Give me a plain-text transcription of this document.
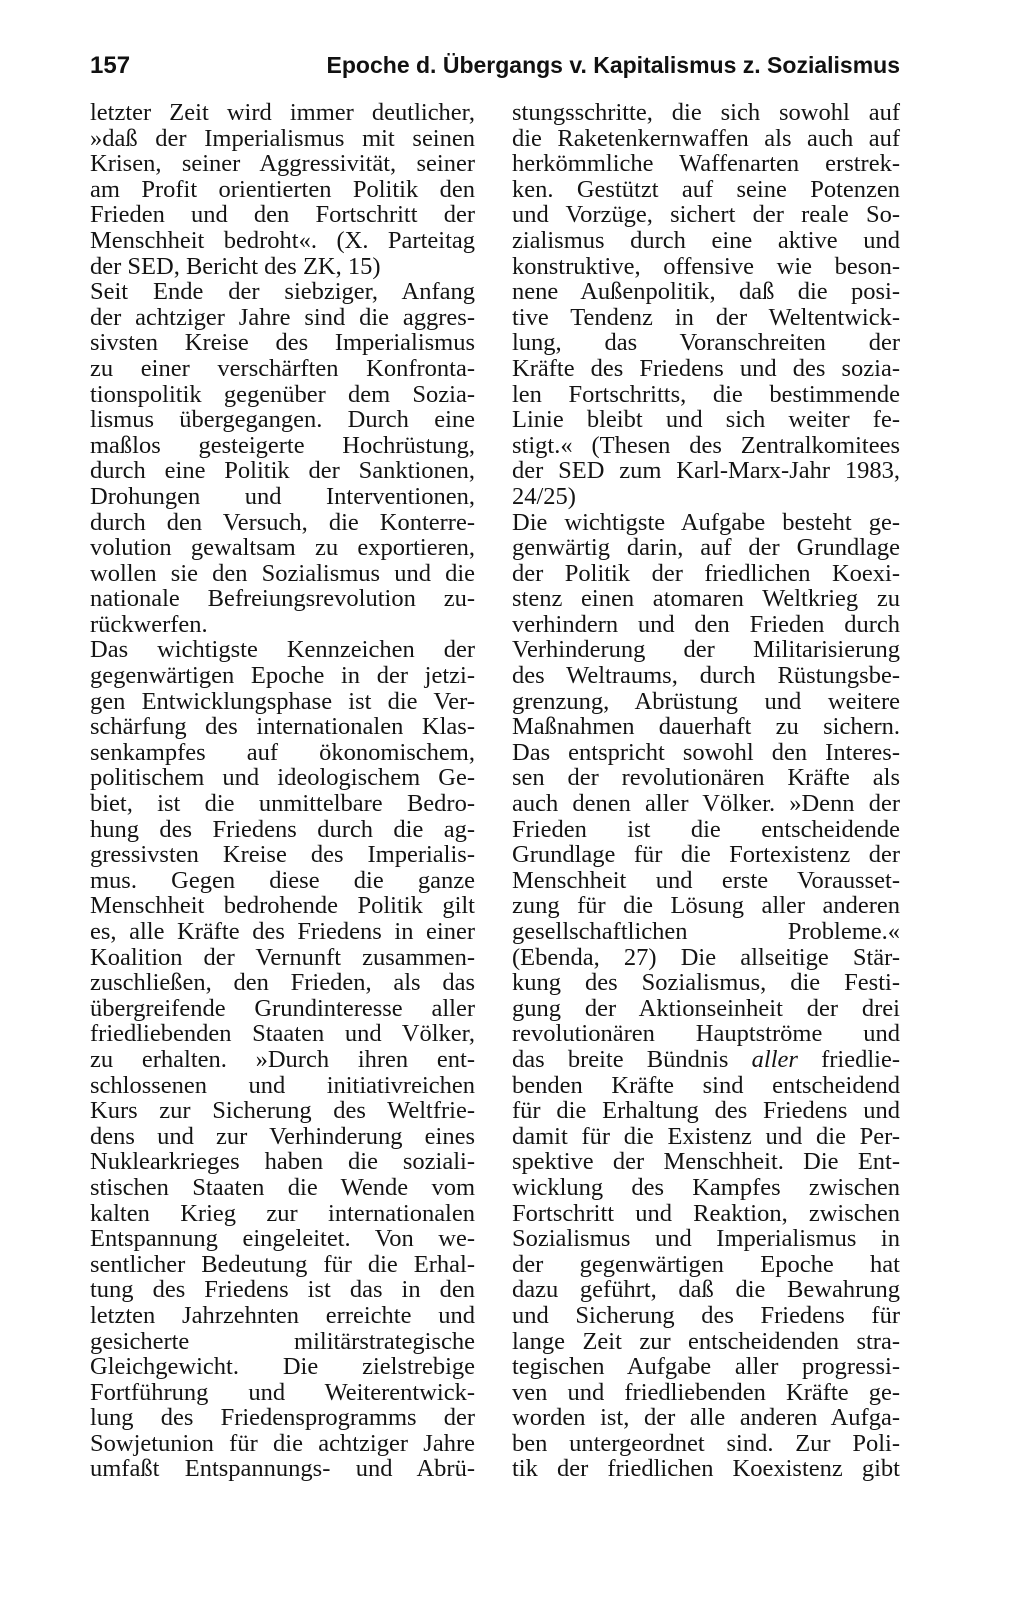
157	Epoche d. Übergangs v. Kapitalismus z. Sozialismus
letzter Zeit wird immer deutlicher,
»daß der Imperialismus mit seinen
Krisen, seiner Aggressivität, seiner
am Profit orientierten Politik den
Frieden und den Fortschritt der
Menschheit bedroht«. (X. Parteitag
der SED, Bericht des ZK, 15)
Seit Ende der siebziger, Anfang
der achtziger Jahre sind die aggres-
sivsten Kreise des Imperialismus
zu einer verschärften Konfronta-
tionspolitik gegenüber dem Sozia-
lismus übergegangen. Durch eine
maßlos gesteigerte Hochrüstung,
durch eine Politik der Sanktionen,
Drohungen und Interventionen,
durch den Versuch, die Konterre-
volution gewaltsam zu exportieren,
wollen sie den Sozialismus und die
nationale Befreiungsrevolution zu-
rückwerfen.
Das wichtigste Kennzeichen der
gegenwärtigen Epoche in der jetzi-
gen Entwicklungsphase ist die Ver-
schärfung des internationalen Klas-
senkampfes auf ökonomischem,
politischem und ideologischem Ge-
biet, ist die unmittelbare Bedro-
hung des Friedens durch die ag-
gressivsten Kreise des Imperialis-
mus. Gegen diese die ganze
Menschheit bedrohende Politik gilt
es, alle Kräfte des Friedens in einer
Koalition der Vernunft zusammen-
zuschließen, den Frieden, als das
übergreifende Grundinteresse aller
friedliebenden Staaten und Völker,
zu erhalten. »Durch ihren ent-
schlossenen und initiativreichen
Kurs zur Sicherung des Weltfrie-
dens und zur Verhinderung eines
Nuklearkrieges haben die soziali-
stischen Staaten die Wende vom
kalten Krieg zur internationalen
Entspannung eingeleitet. Von we-
sentlicher Bedeutung für die Erhal-
tung des Friedens ist das in den
letzten Jahrzehnten erreichte und
gesicherte militärstrategische
Gleichgewicht. Die zielstrebige
Fortführung und Weiterentwick-
lung des Friedensprogramms der
Sowjetunion für die achtziger Jahre
umfaßt Entspannungs- und Abrü-
stungsschritte, die sich sowohl auf
die Raketenkernwaffen als auch auf
herkömmliche Waffenarten erstrek-
ken. Gestützt auf seine Potenzen
und Vorzüge, sichert der reale So-
zialismus durch eine aktive und
konstruktive, offensive wie beson-
nene Außenpolitik, daß die posi-
tive Tendenz in der Weltentwick-
lung, das Voranschreiten der
Kräfte des Friedens und des sozia-
len Fortschritts, die bestimmende
Linie bleibt und sich weiter fe-
stigt.« (Thesen des Zentralkomitees
der SED zum Karl-Marx-Jahr 1983,
24/25)
Die wichtigste Aufgabe besteht ge-
genwärtig darin, auf der Grundlage
der Politik der friedlichen Koexi-
stenz einen atomaren Weltkrieg zu
verhindern und den Frieden durch
Verhinderung der Militarisierung
des Weltraums, durch Rüstungsbe-
grenzung, Abrüstung und weitere
Maßnahmen dauerhaft zu sichern.
Das entspricht sowohl den Interes-
sen der revolutionären Kräfte als
auch denen aller Völker. »Denn der
Frieden ist die entscheidende
Grundlage für die Fortexistenz der
Menschheit und erste Vorausset-
zung für die Lösung aller anderen
gesellschaftlichen Probleme.«
(Ebenda, 27) Die allseitige Stär-
kung des Sozialismus, die Festi-
gung der Aktionseinheit der drei
revolutionären Hauptströme und
das breite Bündnis aller friedlie-
benden Kräfte sind entscheidend
für die Erhaltung des Friedens und
damit für die Existenz und die Per-
spektive der Menschheit. Die Ent-
wicklung des Kampfes zwischen
Fortschritt und Reaktion, zwischen
Sozialismus und Imperialismus in
der gegenwärtigen Epoche hat
dazu geführt, daß die Bewahrung
und Sicherung des Friedens für
lange Zeit zur entscheidenden stra-
tegischen Aufgabe aller progressi-
ven und friedliebenden Kräfte ge-
worden ist, der alle anderen Aufga-
ben untergeordnet sind. Zur Poli-
tik der friedlichen Koexistenz gibt
